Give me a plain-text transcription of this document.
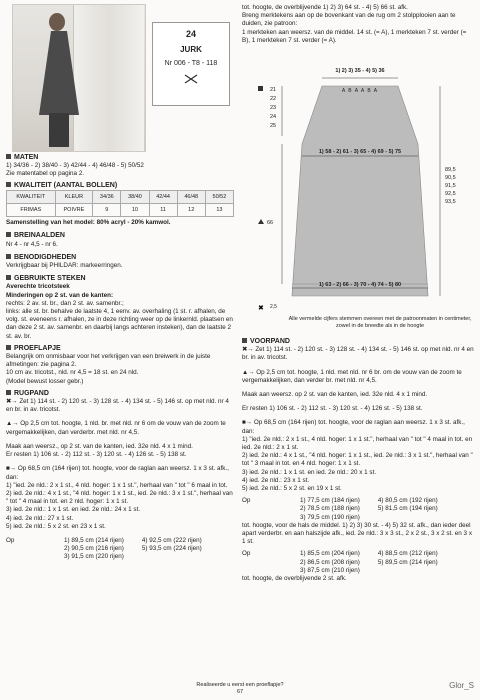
24
JURK
Nr 006 - T8 - 118
MATEN

1) 34/36 - 2) 38/40 - 3) 42/44 - 4) 46/48 - 5) 50/52

Zie matentabel op pagina 2.

KWALITEIT (AANTAL BOLLEN)
KWALITEIT	KLEUR	34/36	38/40	42/44	46/48	50/52
FRIMAS	POIVRE	9	10	11	12	13

Samenstelling van het model: 80% acryl - 20% kamwol.

BREINAALDEN

Nr 4 - nr 4,5 - nr 6.

BENODIGDHEDEN

Verkrijgbaar bij PHILDAR: markeerringen.

GEBRUIKTE STEKEN

Averechte tricotsteek

Minderingen op 2 st. van de kanten:

rechts: 2 av. st. br., dan 2 st. av. samenbr.;

links: alle st. br. behalve de laatste 4, 1 eenv. av. overhaling (1 st. r. afhalen, de volg. st. eveneens r. afhalen, ze in deze richting weer op de linkernld. plaatsen en dan deze 2 st. av. samenbr. en daarbij langs achteren insteken), dan de laatste 2 st. av. br.

PROEFLAPJE

Belangrijk om onmisbaar voor het verkrijgen van een breiwerk in de juiste afmetingen: zie pagina 2.

10 cm av. tricotst., nld. nr 4,5 = 18 st. en 24 nld.

(Model bewust losser gebr.)

RUGPAND

✖→ Zet 1) 114 st. - 2) 120 st. - 3) 128 st. - 4) 134 st. - 5) 146 st. op met nld. nr 4 en br. in av. tricotst.

▲→ Op 2,5 cm tot. hoogte, 1 nld. br. met nld. nr 6 om de vouw van de zoom te vergemakkelijken, dan verderbr. met nld. nr 4,5.

Maak aan weersz., op 2 st. van de kanten, ied. 32e nld. 4 x 1 mind.

Er resten 1) 106 st. - 2) 112 st. - 3) 120 st. - 4) 126 st. - 5) 138 st.

■→ Op 68,5 cm (164 rijen) tot. hoogte, voor de raglan aan weersz. 1 x 3 st. afk., dan:

1) "ied. 2e nld.: 2 x 1 st., 4 nld. hoger: 1 x 1 st.", herhaal van " tot " 6 maal in tot.

2) ied. 2e nld.: 4 x 1 st., "4 nld. hoger: 1 x 1 st., ied. 2e nld.: 3 x 1 st.", herhaal van " tot " 4 maal in tot. en 2 nld. hoger: 1 x 1 st.

3) ied. 2e nld.: 1 x 1 st. en ied. 2e nld.: 24 x 1 st.

4) ied. 2e nld.: 27 x 1 st.

5) ied. 2e nld.: 5 x 2 st. en 23 x 1 st.

Op	1) 89,5 cm (214 rijen)

2) 90,5 cm (216 rijen)

3) 91,5 cm (220 rijen)

4) 92,5 cm (222 rijen)

5) 93,5 cm (224 rijen)

tot. hoogte, de overblijvende 1) 2) 3) 64 st. - 4) 5) 66 st. afk.

Breng merktekens aan op de bovenkant van de rug om 2 stolpplooien aan te duiden, zie patroon:

1 merkteken aan weersz. van de middel. 14 st. (= A), 1 merkteken 7 st. verder (= B), 1 merkteken 7 st. verder (= A).

✖
1) 2) 3) 35 - 4) 5) 36
A B A A B A
21
22
23
24
25
1) 58 - 2) 61 - 3) 65 - 4) 69 - 5) 75
89,5
90,5
91,5
92,5
93,5
66
1) 63 - 2) 66 - 3) 70 - 4) 74 - 5) 80
2,5
Alle vermelde cijfers stemmen overeen met de patroonmaten in centimeter, zowel in de breedte als in de hoogte
VOORPAND

✖→ Zet 1) 114 st. - 2) 120 st. - 3) 128 st. - 4) 134 st. - 5) 146 st. op met nld. nr 4 en br. in av. tricotst.

▲→ Op 2,5 cm tot. hoogte, 1 nld. met nld. nr 6 br. om de vouw van de zoom te vergemakkelijken, dan verder br. met nld. nr 4,5.

Maak aan weersz. op 2 st. van de kanten, ied. 32e nld. 4 x 1 mind.

Er resten 1) 106 st. - 2) 112 st. - 3) 120 st. - 4) 126 st. - 5) 138 st.

■→ Op 68,5 cm (164 rijen) tot. hoogte, voor de raglan aan weersz. 1 x 3 st. afk., dan:

1) "ied. 2e nld.: 2 x 1 st., 4 nld. hoger: 1 x 1 st.", herhaal van " tot " 4 maal in tot. en ied. 2e nld.: 2 x 1 st.

2) ied. 2e nld.: 4 x 1 st., "4 nld. hoger: 1 x 1 st., ied. 2e nld.: 3 x 1 st.", herhaal van " tot " 3 maal in tot. en 4 nld. hoger: 1 x 1 st.

3) ied. 2e nld.: 1 x 1 st. en ied. 2e nld.: 20 x 1 st.

4) ied. 2e nld.: 23 x 1 st.

5) ied. 2e nld.: 5 x 2 st. en 19 x 1 st.

Op	1) 77,5 cm (184 rijen)

2) 78,5 cm (188 rijen)

3) 79,5 cm (190 rijen)

4) 80,5 cm (192 rijen)

5) 81,5 cm (194 rijen)

tot. hoogte, voor de hals de middel. 1) 2) 3) 30 st. - 4) 5) 32 st. afk., dan ieder deel apart verderbr. en aan halszijde afk., ied. 2e nld.: 3 x 3 st., 2 x 2 st., 3 x 2 st. en 3 x 1 st.

Op	1) 85,5 cm (204 rijen)

2) 86,5 cm (208 rijen)

3) 87,5 cm (210 rijen)

4) 88,5 cm (212 rijen)

5) 89,5 cm (214 rijen)

tot. hoogte, de overblijvende 2 st. afk.

Realiseerde u eerst een proeflapje?
67
Glor_S
